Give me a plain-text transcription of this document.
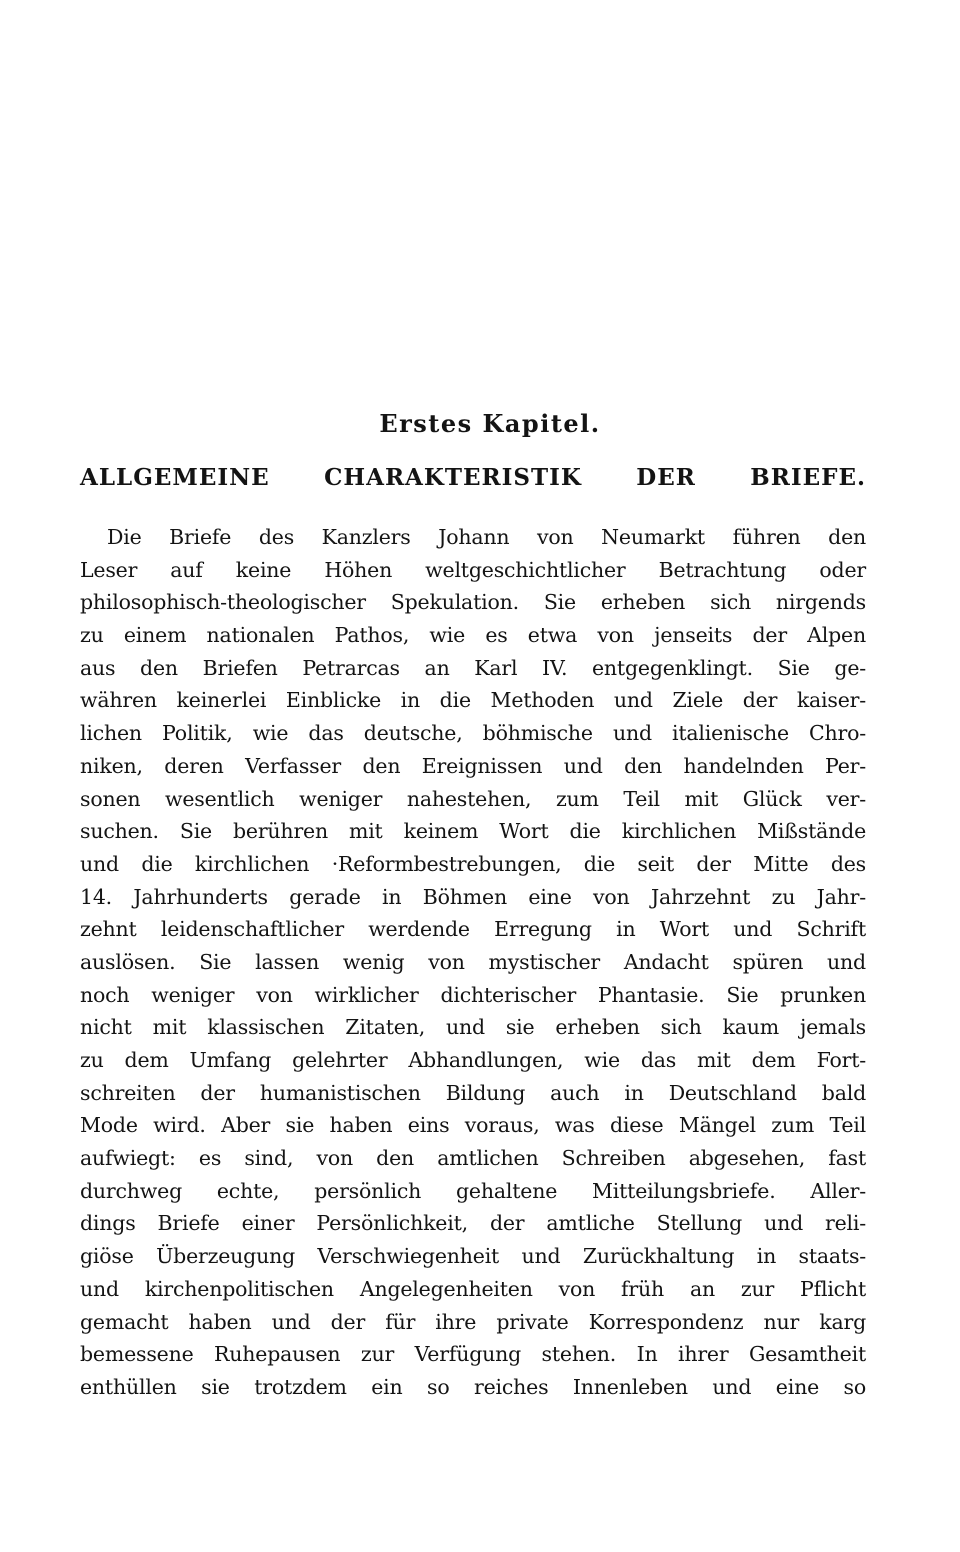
Erstes Kapitel.
ALLGEMEINE CHARAKTERISTIK DER BRIEFE.
Die Briefe des Kanzlers Johann von Neumarkt führen den
Leser auf keine Höhen weltgeschichtlicher Betrachtung oder
philosophisch-theologischer Spekulation. Sie erheben sich nirgends
zu einem nationalen Pathos, wie es etwa von jenseits der Alpen
aus den Briefen Petrarcas an Karl IV. entgegenklingt. Sie ge-
währen keinerlei Einblicke in die Methoden und Ziele der kaiser-
lichen Politik, wie das deutsche, böhmische und italienische Chro-
niken, deren Verfasser den Ereignissen und den handelnden Per-
sonen wesentlich weniger nahestehen, zum Teil mit Glück ver-
suchen. Sie berühren mit keinem Wort die kirchlichen Mißstände
und die kirchlichen ·Reformbestrebungen, die seit der Mitte des
14. Jahrhunderts gerade in Böhmen eine von Jahrzehnt zu Jahr-
zehnt leidenschaftlicher werdende Erregung in Wort und Schrift
auslösen. Sie lassen wenig von mystischer Andacht spüren und
noch weniger von wirklicher dichterischer Phantasie. Sie prunken
nicht mit klassischen Zitaten, und sie erheben sich kaum jemals
zu dem Umfang gelehrter Abhandlungen, wie das mit dem Fort-
schreiten der humanistischen Bildung auch in Deutschland bald
Mode wird. Aber sie haben eins voraus, was diese Mängel zum Teil
aufwiegt: es sind, von den amtlichen Schreiben abgesehen, fast
durchweg echte, persönlich gehaltene Mitteilungsbriefe. Aller-
dings Briefe einer Persönlichkeit, der amtliche Stellung und reli-
giöse Überzeugung Verschwiegenheit und Zurückhaltung in staats-
und kirchenpolitischen Angelegenheiten von früh an zur Pflicht
gemacht haben und der für ihre private Korrespondenz nur karg
bemessene Ruhepausen zur Verfügung stehen. In ihrer Gesamtheit
enthüllen sie trotzdem ein so reiches Innenleben und eine so
